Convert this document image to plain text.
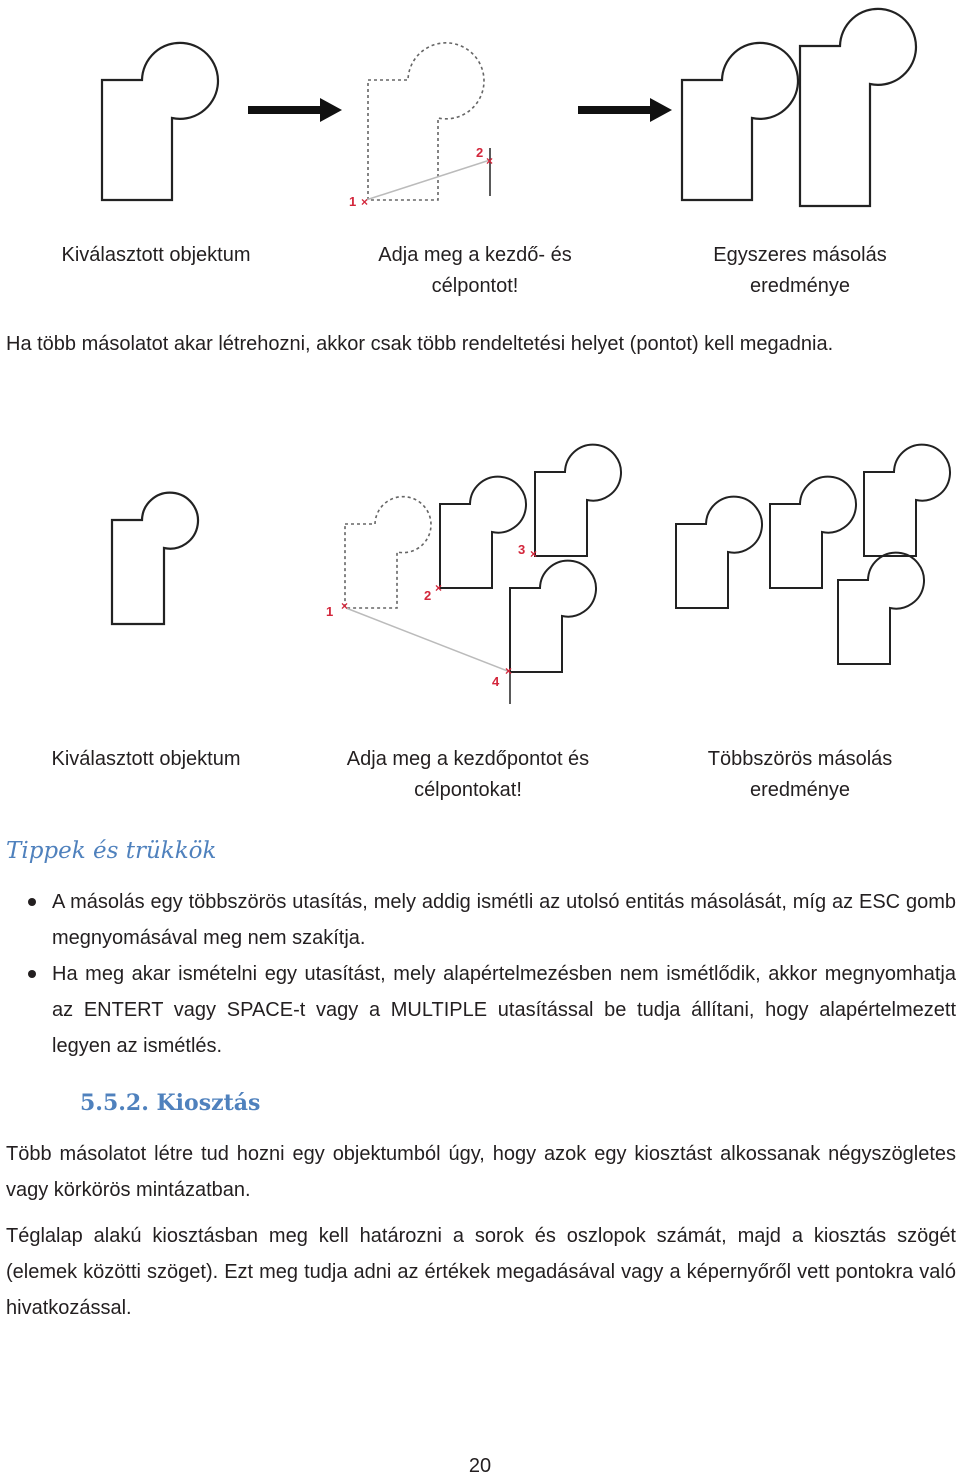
1 ×
2
×
Kiválasztott objektum	Adja meg a kezdő- és célpontot!
Egyszeres másolás eredménye
Ha több másolatot akar létrehozni, akkor csak több rendeltetési helyet (pontot) kell megadnia.
1 ×
2 ×
3 ×
4
×
Kiválasztott objektum	Adja meg a kezdőpontot és célpontokat!
Többszörös másolás eredménye
Tippek és trükkök
A másolás egy többszörös utasítás, mely addig ismétli az utolsó entitás másolását, míg az ESC gomb megnyomásával meg nem szakítja.
Ha meg akar ismételni egy utasítást, mely alapértelmezésben nem ismétlődik, akkor megnyomhatja az ENTERT vagy SPACE-t vagy a MULTIPLE utasítással be tudja állítani, hogy alapértelmezett legyen az ismétlés.
5.5.2. Kiosztás
Több másolatot létre tud hozni egy objektumból úgy, hogy azok egy kiosztást alkossanak négyszögletes vagy körkörös mintázatban.
Téglalap alakú kiosztásban meg kell határozni a sorok és oszlopok számát, majd a kiosztás szögét (elemek közötti szöget). Ezt meg tudja adni az értékek megadásával vagy a képernyőről vett pontokra való hivatkozással.
20
